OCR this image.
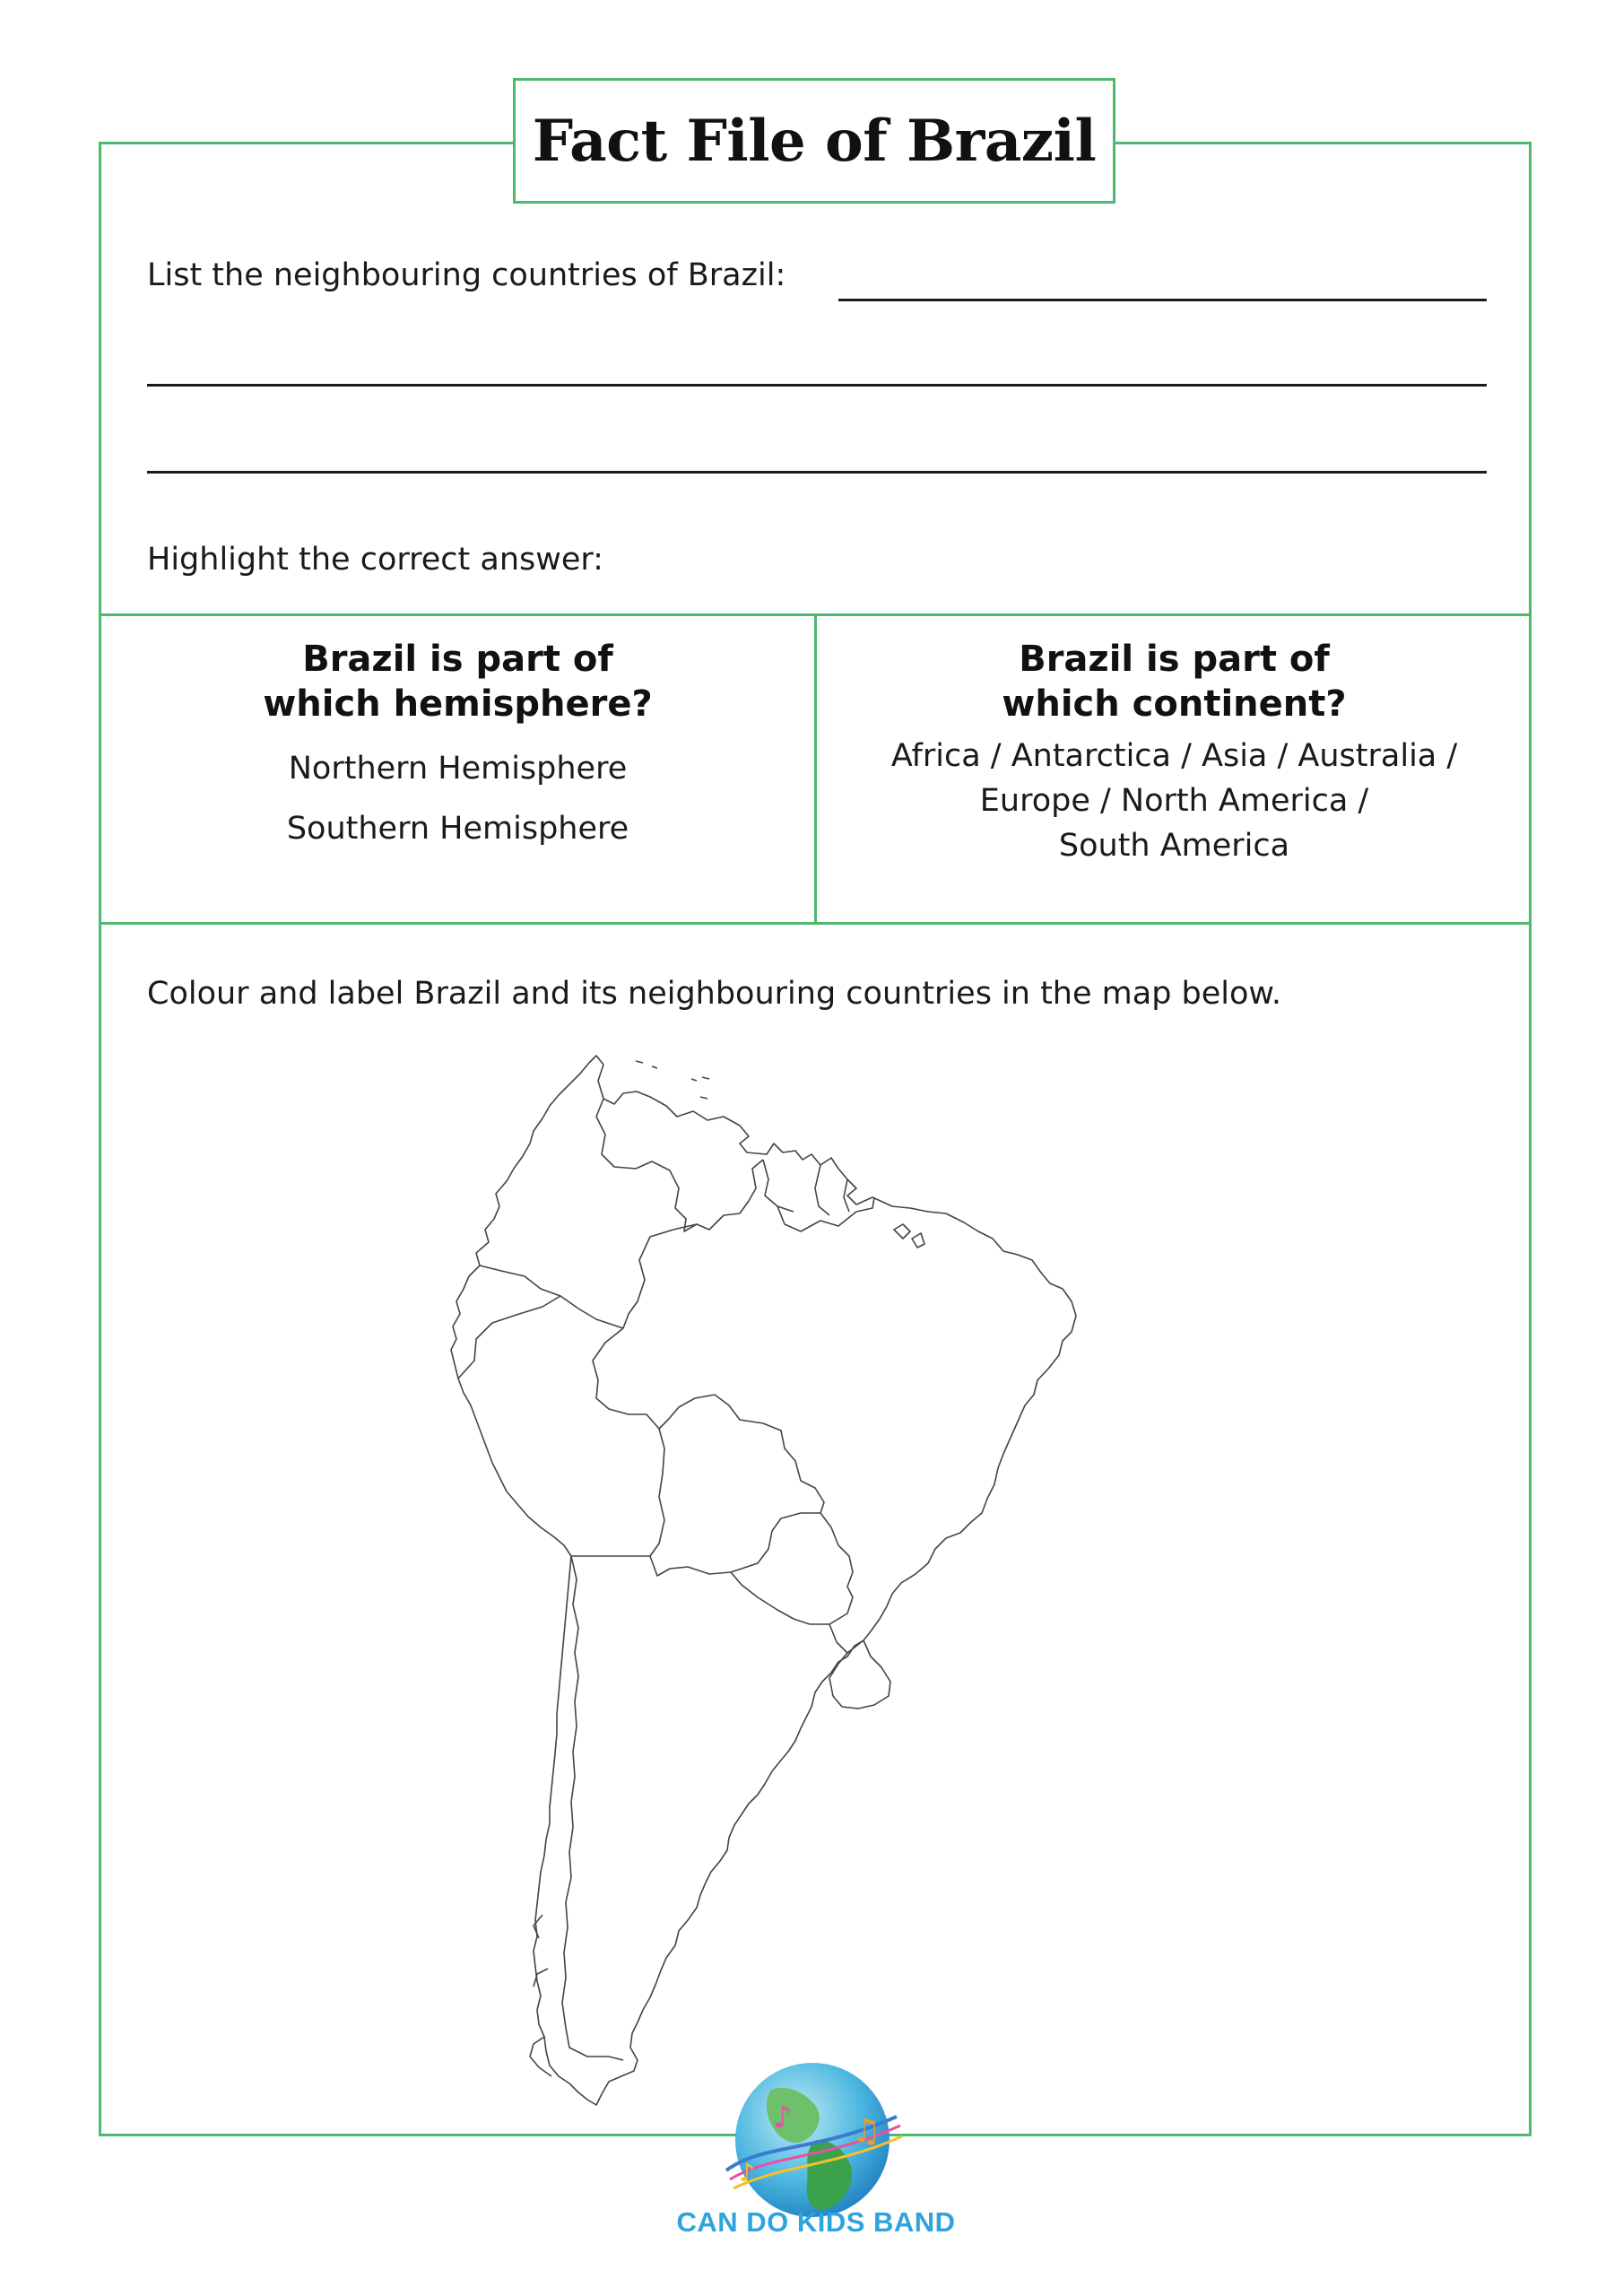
Fact File of Brazil
List the neighbouring countries of Brazil:
Highlight the correct answer:
Brazil is part of
which hemisphere?
Northern Hemisphere
Southern Hemisphere
Brazil is part of
which continent?
Africa / Antarctica / Asia / Australia /
Europe / North America /
South America
Colour and label Brazil and its neighbouring countries in the map below.
♪ ♫
♪
CAN DO KIDS BAND
